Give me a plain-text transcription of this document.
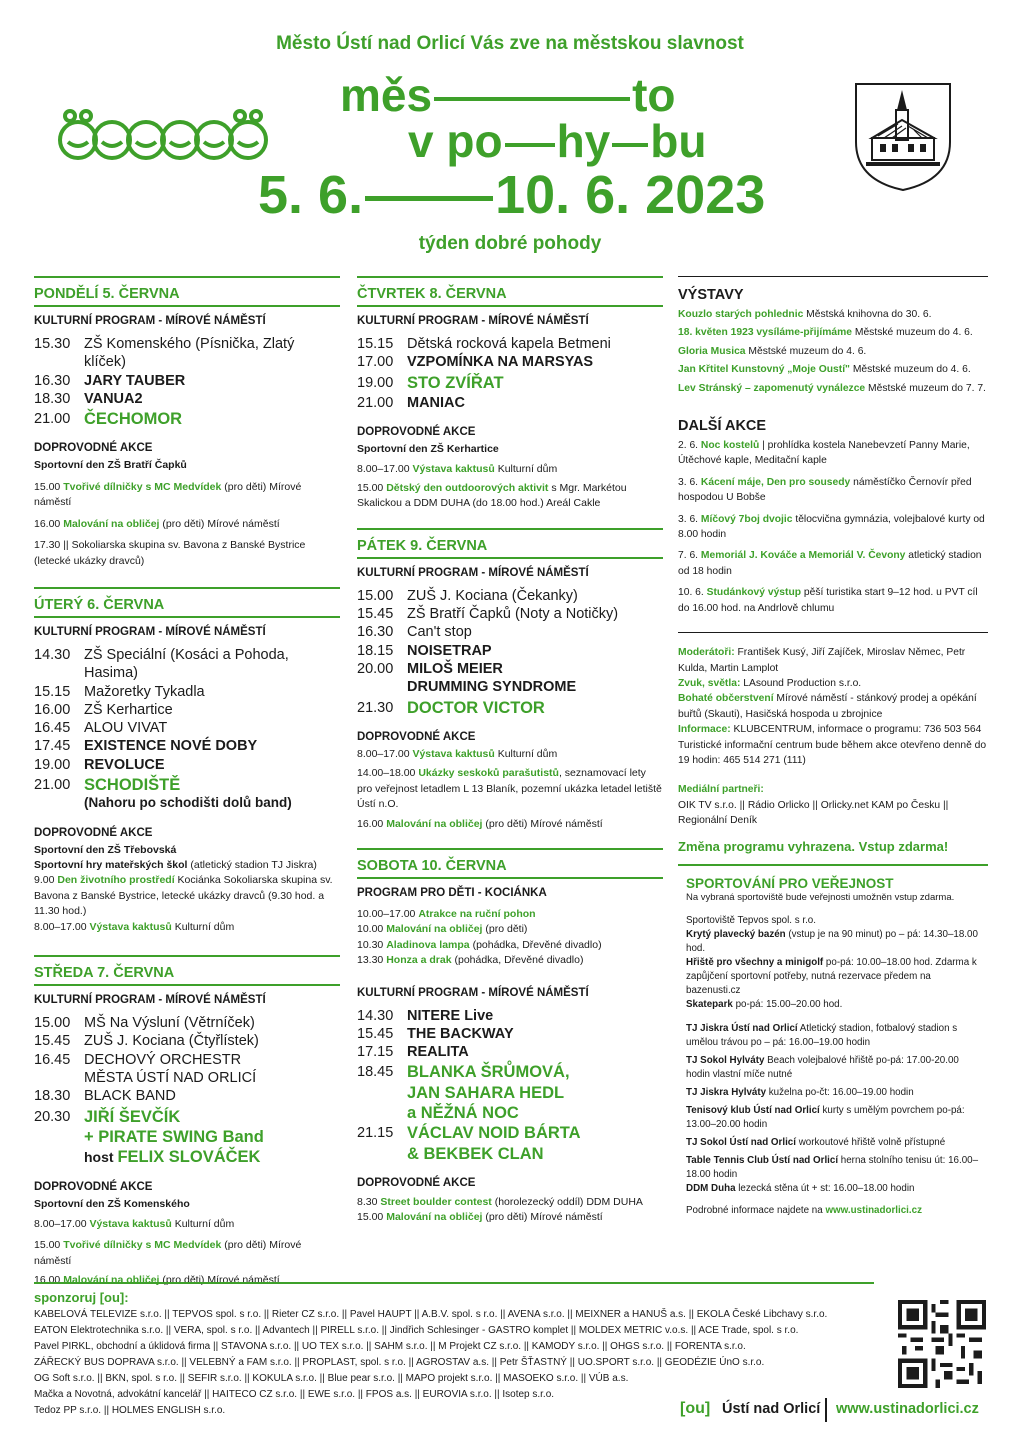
Město Ústí nad Orlicí Vás zve na městskou slavnost
měs	to
v po hy bu
5. 6. 10. 6. 2023
týden dobré pohody
PONDĚLÍ 5. ČERVNA
KULTURNÍ PROGRAM - MÍROVÉ NÁMĚSTÍ
15.30 ZŠ Komenského (Písnička, Zlatý klíček)
16.30 JARY TAUBER
18.30 VANUA2
21.00 ČECHOMOR
DOPROVODNÉ AKCE
Sportovní den ZŠ Bratří Čapků
15.00 Tvořivé dílničky s MC Medvídek (pro děti) Mírové náměstí
16.00 Malování na obličej (pro děti) Mírové náměstí
17.30 || Sokoliarska skupina sv. Bavona z Banské Bystrice (letecké ukázky dravců)
ÚTERÝ 6. ČERVNA
KULTURNÍ PROGRAM - MÍROVÉ NÁMĚSTÍ
14.30 ZŠ Speciální (Kosáci a Pohoda, Hasima)
15.15 Mažoretky Tykadla
16.00 ZŠ Kerhartice
16.45 ALOU VIVAT
17.45 EXISTENCE NOVÉ DOBY
19.00 REVOLUCE
21.00 SCHODIŠTĚ
(Nahoru po schodišti dolů band)
DOPROVODNÉ AKCE
Sportovní den ZŠ Třebovská
Sportovní hry mateřských škol (atletický stadion TJ Jiskra)
9.00 Den životního prostředí Kociánka Sokoliarska skupina sv. Bavona z Banské Bystrice, letecké ukázky dravců (9.30 hod. a 11.30 hod.)
8.00–17.00 Výstava kaktusů Kulturní dům
STŘEDA 7. ČERVNA
KULTURNÍ PROGRAM - MÍROVÉ NÁMĚSTÍ
15.00 MŠ Na Výsluní (Větrníček)
15.45 ZUŠ J. Kociana (Čtyřlístek)
16.45 DECHOVÝ ORCHESTR
MĚSTA ÚSTÍ NAD ORLICÍ
18.30 BLACK BAND
20.30 JIŘÍ ŠEVČÍK
+ PIRATE SWING Band
host FELIX SLOVÁČEK
DOPROVODNÉ AKCE
Sportovní den ZŠ Komenského
8.00–17.00 Výstava kaktusů Kulturní dům
15.00 Tvořivé dílničky s MC Medvídek (pro děti) Mírové náměstí
16.00 Malování na obličej (pro děti) Mírové náměstí
ČTVRTEK 8. ČERVNA
KULTURNÍ PROGRAM - MÍROVÉ NÁMĚSTÍ
15.15 Dětská rocková kapela Betmeni
17.00 VZPOMÍNKA NA MARSYAS
19.00 STO ZVÍŘAT
21.00 MANIAC
DOPROVODNÉ AKCE
Sportovní den ZŠ Kerhartice
8.00–17.00 Výstava kaktusů Kulturní dům
15.00 Dětský den outdoorových aktivit s Mgr. Markétou Skalickou a DDM DUHA (do 18.00 hod.) Areál Cakle
PÁTEK 9. ČERVNA
KULTURNÍ PROGRAM - MÍROVÉ NÁMĚSTÍ
15.00 ZUŠ J. Kociana (Čekanky)
15.45 ZŠ Bratří Čapků (Noty a Notičky)
16.30 Can't stop
18.15 NOISETRAP
20.00 MILOŠ MEIER
DRUMMING SYNDROME
21.30 DOCTOR VICTOR
DOPROVODNÉ AKCE
8.00–17.00 Výstava kaktusů Kulturní dům
14.00–18.00 Ukázky seskoků parašutistů, seznamovací lety pro veřejnost letadlem L 13 Blaník, pozemní ukázka letadel letiště Ústí n.O.
16.00 Malování na obličej (pro děti) Mírové náměstí
SOBOTA 10. ČERVNA
PROGRAM PRO DĚTI - KOCIÁNKA
10.00–17.00 Atrakce na ruční pohon
10.00 Malování na obličej (pro děti)
10.30 Aladinova lampa (pohádka, Dřevěné divadlo)
13.30 Honza a drak (pohádka, Dřevěné divadlo)
KULTURNÍ PROGRAM - MÍROVÉ NÁMĚSTÍ
14.30 NITERE Live
15.45 THE BACKWAY
17.15 REALITA
18.45 BLANKA ŠRŮMOVÁ,
JAN SAHARA HEDL
a NĚŽNÁ NOC
21.15 VÁCLAV NOID BÁRTA
& BEKBEK CLAN
DOPROVODNÉ AKCE
8.30 Street boulder contest (horolezecký oddíl) DDM DUHA
15.00 Malování na obličej (pro děti) Mírové náměstí
VÝSTAVY
Kouzlo starých pohlednic Městská knihovna do 30. 6.
18. květen 1923 vysíláme-přijímáme Městské muzeum do 4. 6.
Gloria Musica Městské muzeum do 4. 6.
Jan Křtitel Kunstovný „Moje Oustí" Městské muzeum do 4. 6.
Lev Stránský – zapomenutý vynálezce Městské muzeum do 7. 7.
DALŠÍ AKCE
2. 6. Noc kostelů | prohlídka kostela Nanebevzetí Panny Marie, Útěchové kaple, Meditační kaple
3. 6. Kácení máje, Den pro sousedy náměstíčko Černovír před hospodou U Bobše
3. 6. Míčový 7boj dvojic tělocvična gymnázia, volejbalové kurty od 8.00 hodin
7. 6. Memoriál J. Kováče a Memoriál V. Čevony atletický stadion od 18 hodin
10. 6. Studánkový výstup pěší turistika start 9–12 hod. u PVT cíl do 16.00 hod. na Andrlově chlumu
Moderátoři: František Kusý, Jiří Zajíček, Miroslav Němec, Petr Kulda, Martin Lamplot
Zvuk, světla: LAsound Production s.r.o.
Bohaté občerstvení Mírové náměstí - stánkový prodej a opékání buřtů (Skauti), Hasičská hospoda u zbrojnice
Informace: KLUBCENTRUM, informace o programu: 736 503 564 Turistické informační centrum bude během akce otevřeno denně do 19 hodin: 465 514 271 (111)
Mediální partneři:
OIK TV s.r.o. || Rádio Orlicko || Orlicky.net KAM po Česku || Regionální Deník
Změna programu vyhrazena. Vstup zdarma!
SPORTOVÁNÍ PRO VEŘEJNOST
Na vybraná sportoviště bude veřejnosti umožněn vstup zdarma.
Sportoviště Tepvos spol. s r.o.
Krytý plavecký bazén (vstup je na 90 minut) po – pá: 14.30–18.00 hod.
Hřiště pro všechny a minigolf po-pá: 10.00–18.00 hod. Zdarma k zapůjčení sportovní potřeby, nutná rezervace předem na bazenusti.cz
Skatepark po-pá: 15.00–20.00 hod.
TJ Jiskra Ústí nad Orlicí Atletický stadion, fotbalový stadion s umělou trávou po – pá: 16.00–19.00 hodin
TJ Sokol Hylváty Beach volejbalové hřiště po-pá: 17.00-20.00 hodin vlastní míče nutné
TJ Jiskra Hylváty kuželna po-čt: 16.00–19.00 hodin
Tenisový klub Ústí nad Orlicí kurty s umělým povrchem po-pá: 13.00–20.00 hodin
TJ Sokol Ústí nad Orlicí workoutové hřiště volně přístupné
Table Tennis Club Ústí nad Orlicí herna stolního tenisu út: 16.00–18.00 hodin
DDM Duha lezecká stěna út + st: 16.00–18.00 hodin
Podrobné informace najdete na www.ustinadorlici.cz
sponzoruj [ou]:
KABELOVÁ TELEVIZE s.r.o. || TEPVOS spol. s r.o. || Rieter CZ s.r.o. || Pavel HAUPT || A.B.V. spol. s r.o. || AVENA s.r.o. || MEIXNER a HANUŠ a.s. || EKOLA České Libchavy s.r.o.
EATON Elektrotechnika s.r.o. || VERA, spol. s r.o. || Advantech || PIRELL s.r.o. || Jindřich Schlesinger - GASTRO komplet || MOLDEX METRIC v.o.s. || ACE Trade, spol. s r.o.
Pavel PIRKL, obchodní a úklidová firma || STAVONA s.r.o. || UO TEX s.r.o. || SAHM s.r.o. || M Projekt CZ s.r.o. || KAMODY s.r.o. || OHGS s.r.o. || FORENTA s.r.o.
ZÁŘECKÝ BUS DOPRAVA s.r.o. || VELEBNÝ a FAM s.r.o. || PROPLAST, spol. s r.o. || AGROSTAV a.s. || Petr ŠŤASTNÝ || UO.SPORT s.r.o. || GEODÉZIE ÚnO s.r.o.
OG Soft s.r.o. || BKN, spol. s r.o. || SEFIR s.r.o. || KOKULA s.r.o. || Blue pear s.r.o. || MAPO projekt s.r.o. || MASOEKO s.r.o. || VÚB a.s.
Mačka a Novotná, advokátní kancelář || HAITECO CZ s.r.o. || EWE s.r.o. || FPOS a.s. || EUROVIA s.r.o. || Isotep s.r.o.
Tedoz PP s.r.o. || HOLMES ENGLISH s.r.o.	[ou] Ústí nad Orlicí www.ustinadorlici.cz
